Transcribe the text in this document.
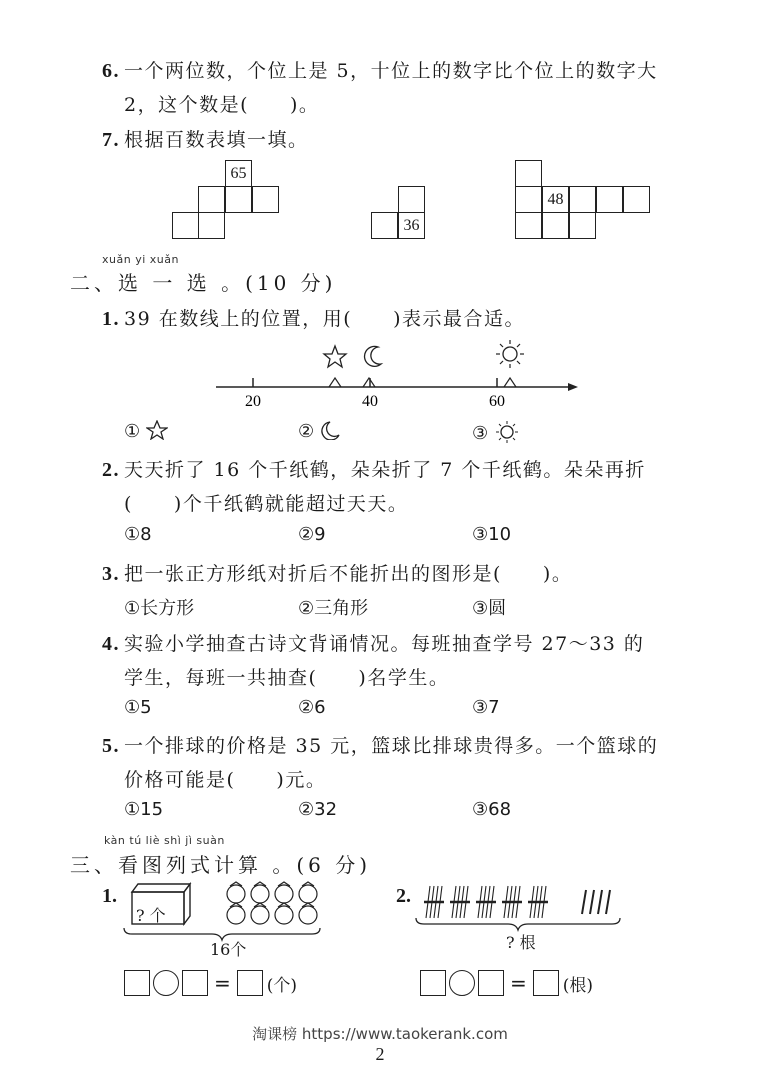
6. 一个两位数，个位上是 5，十位上的数字比个位上的数字大
2，这个数是(　　)。
7. 根据百数表填一填。
65
36
48
xuǎn yi xuǎn
二、选 一 选 。(10 分)
1. 39 在数线上的位置，用(　　)表示最合适。
20	40	60
①	②	③
2. 天天折了 16 个千纸鹤，朵朵折了 7 个千纸鹤。朵朵再折
(　　)个千纸鹤就能超过天天。
①8	②9	③10
3. 把一张正方形纸对折后不能折出的图形是(　　)。
①长方形	②三角形	③圆
4. 实验小学抽查古诗文背诵情况。每班抽查学号 27～33 的
学生，每班一共抽查(　　)名学生。
①5	②6	③7
5. 一个排球的价格是 35 元，篮球比排球贵得多。一个篮球的
价格可能是(　　)元。
①15	②32	③68
kàn tú liè shì jì suàn
三、看图列式计算 。(6 分)
1.
? 个
16个
= (个)
2.
? 根
= (根)
淘课榜 https://www.taokerank.com
2
